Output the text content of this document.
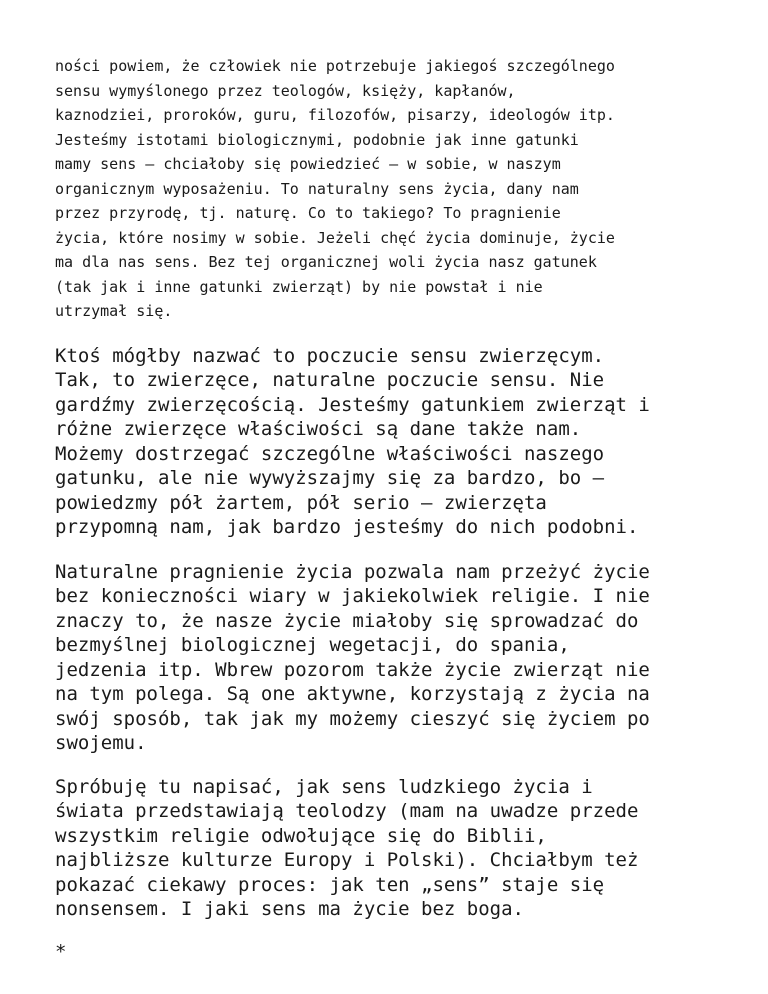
ności powiem, że człowiek nie potrzebuje jakiegoś szczególnego
sensu wymyślonego przez teologów, księży, kapłanów,
kaznodziei, proroków, guru, filozofów, pisarzy, ideologów itp.
Jesteśmy istotami biologicznymi, podobnie jak inne gatunki
mamy sens – chciałoby się powiedzieć – w sobie, w naszym
organicznym wyposażeniu. To naturalny sens życia, dany nam
przez przyrodę, tj. naturę. Co to takiego? To pragnienie
życia, które nosimy w sobie. Jeżeli chęć życia dominuje, życie
ma dla nas sens. Bez tej organicznej woli życia nasz gatunek
(tak jak i inne gatunki zwierząt) by nie powstał i nie
utrzymał się.
Ktoś mógłby nazwać to poczucie sensu zwierzęcym.
Tak, to zwierzęce, naturalne poczucie sensu. Nie
gardźmy zwierzęcością. Jesteśmy gatunkiem zwierząt i
różne zwierzęce właściwości są dane także nam.
Możemy dostrzegać szczególne właściwości naszego
gatunku, ale nie wywyższajmy się za bardzo, bo –
powiedzmy pół żartem, pół serio – zwierzęta
przypomną nam, jak bardzo jesteśmy do nich podobni.
Naturalne pragnienie życia pozwala nam przeżyć życie
bez konieczności wiary w jakiekolwiek religie. I nie
znaczy to, że nasze życie miałoby się sprowadzać do
bezmyślnej biologicznej wegetacji, do spania,
jedzenia itp. Wbrew pozorom także życie zwierząt nie
na tym polega. Są one aktywne, korzystają z życia na
swój sposób, tak jak my możemy cieszyć się życiem po
swojemu.
Spróbuję tu napisać, jak sens ludzkiego życia i
świata przedstawiają teolodzy (mam na uwadze przede
wszystkim religie odwołujące się do Biblii,
najbliższe kulturze Europy i Polski). Chciałbym też
pokazać ciekawy proces: jak ten „sens” staje się
nonsensem. I jaki sens ma życie bez boga.
*
